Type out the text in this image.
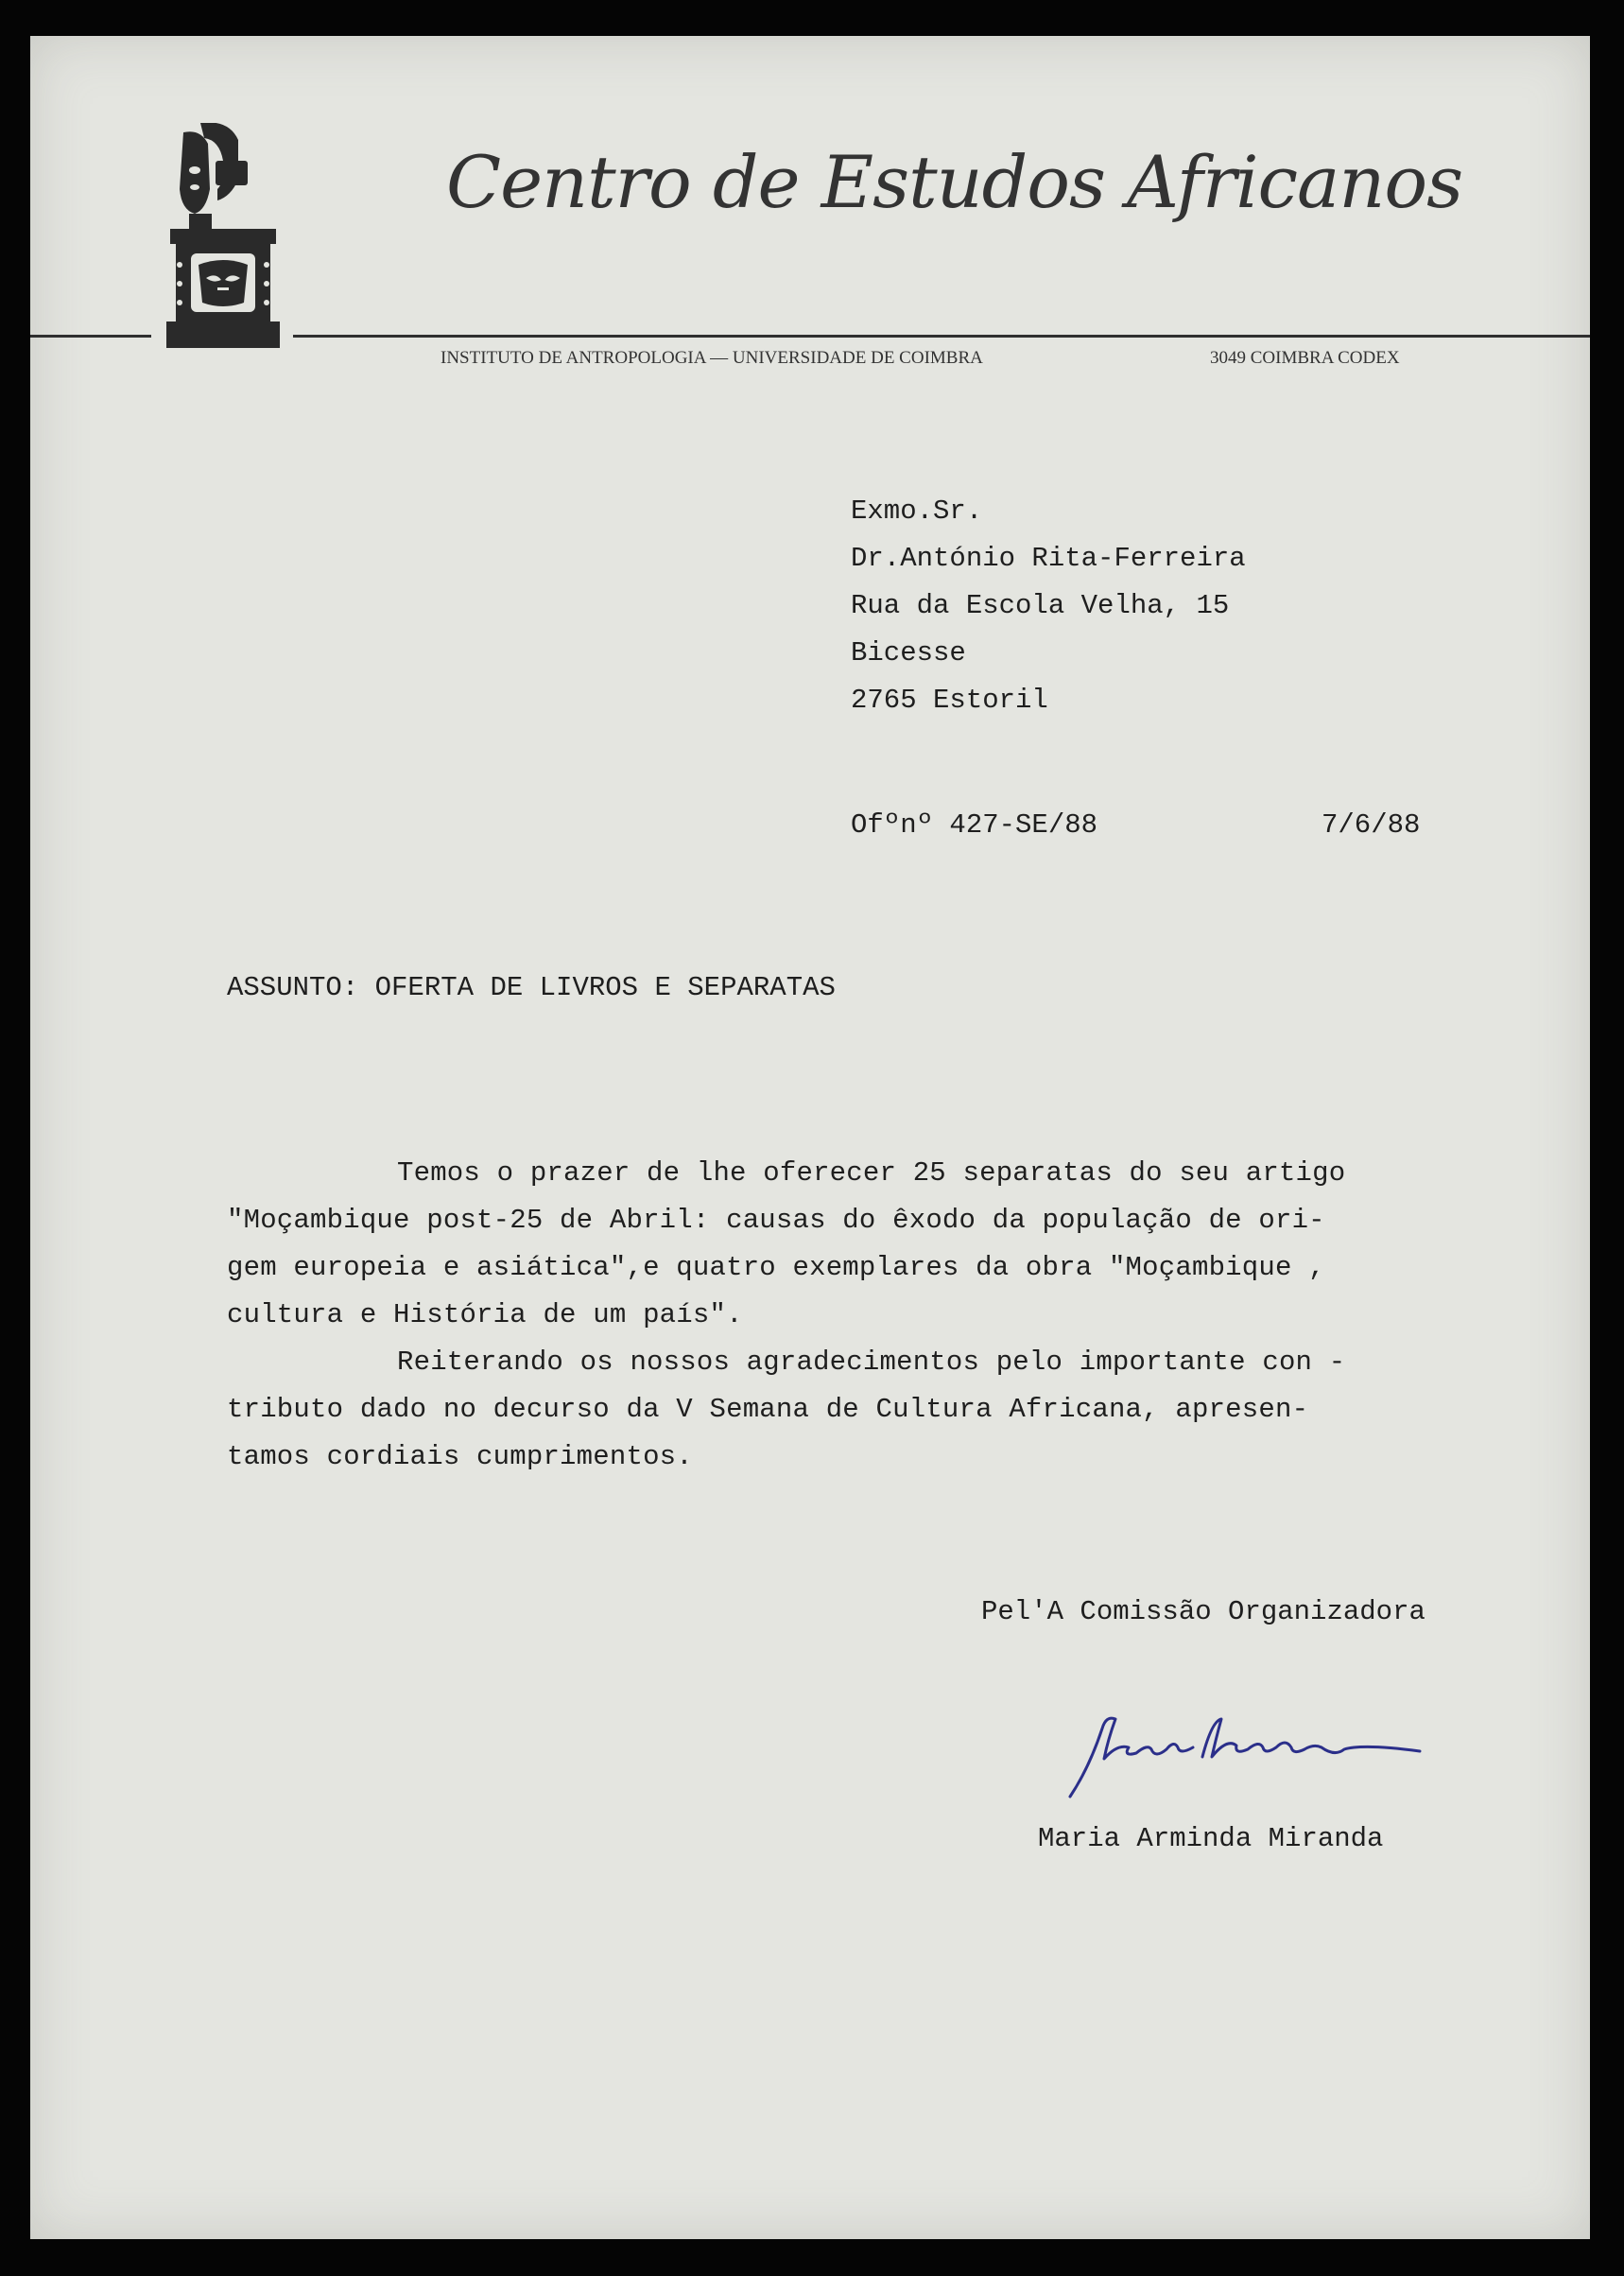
Centro de Estudos Africanos
INSTITUTO DE ANTROPOLOGIA — UNIVERSIDADE DE COIMBRA	3049 COIMBRA CODEX
Exmo.Sr.
Dr.António Rita-Ferreira
Rua da Escola Velha, 15
Bicesse
2765 Estoril
Ofºnº 427-SE/88	7/6/88
ASSUNTO: OFERTA DE LIVROS E SEPARATAS
Temos o prazer de lhe oferecer 25 separatas do seu artigo
"Moçambique post-25 de Abril: causas do êxodo da população de ori-
gem europeia e asiática",e quatro exemplares da obra "Moçambique ,
cultura e História de um país".
Reiterando os nossos agradecimentos pelo importante con -
tributo dado no decurso da V Semana de Cultura Africana, apresen-
tamos cordiais cumprimentos.
Pel'A Comissão Organizadora
Maria Arminda Miranda
